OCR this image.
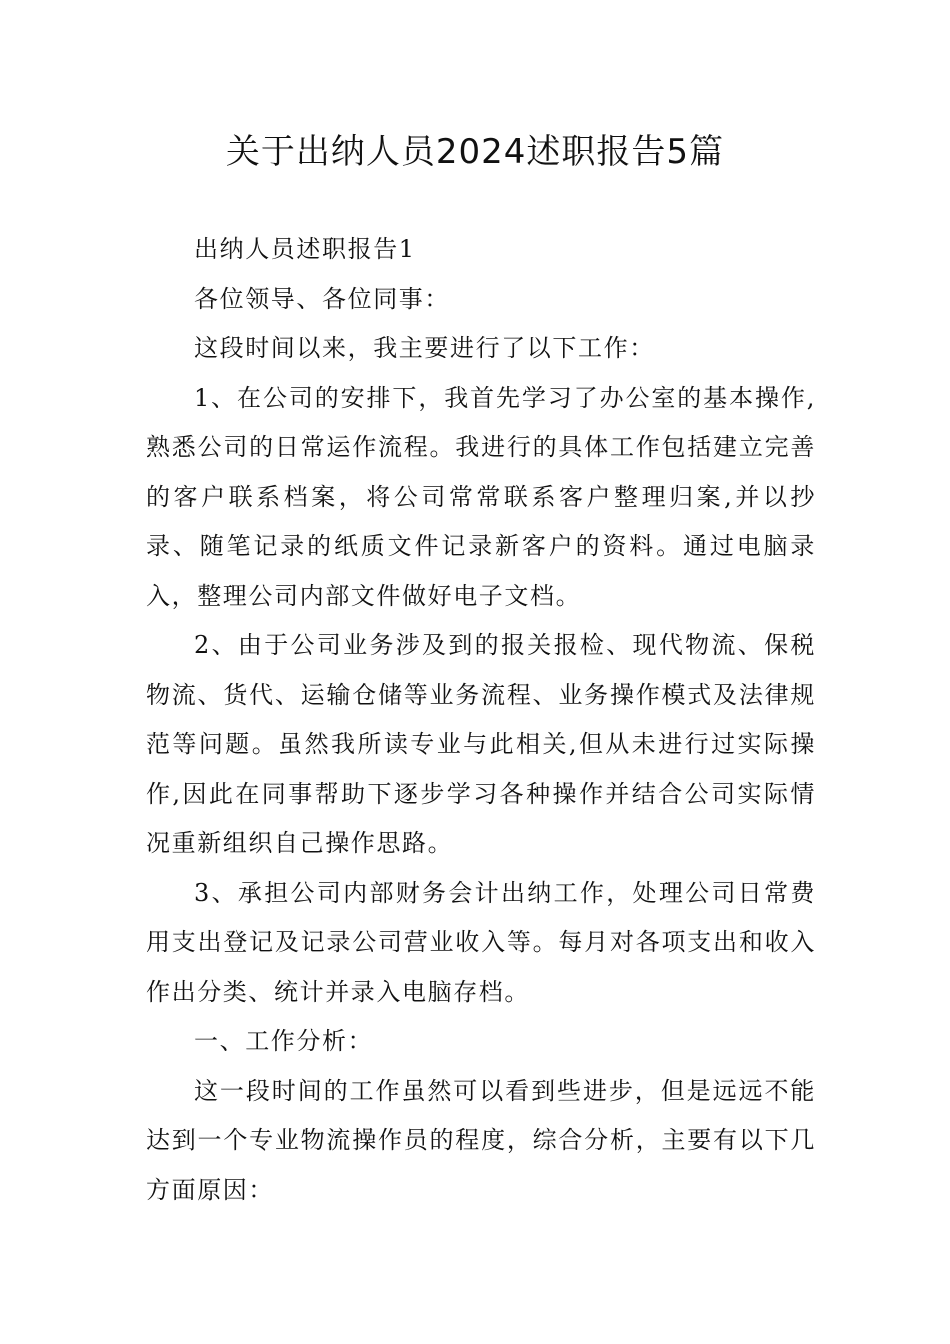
关于出纳人员2024述职报告5篇

出纳人员述职报告1

各位领导、各位同事：

这段时间以来，我主要进行了以下工作：

1、在公司的安排下，我首先学习了办公室的基本操作,熟悉公司的日常运作流程。我进行的具体工作包括建立完善的客户联系档案，将公司常常联系客户整理归案,并以抄录、随笔记录的纸质文件记录新客户的资料。通过电脑录入，整理公司内部文件做好电子文档。

2、由于公司业务涉及到的报关报检、现代物流、保税物流、货代、运输仓储等业务流程、业务操作模式及法律规范等问题。虽然我所读专业与此相关,但从未进行过实际操作,因此在同事帮助下逐步学习各种操作并结合公司实际情况重新组织自己操作思路。

3、承担公司内部财务会计出纳工作，处理公司日常费用支出登记及记录公司营业收入等。每月对各项支出和收入作出分类、统计并录入电脑存档。

一、工作分析：

这一段时间的工作虽然可以看到些进步，但是远远不能达到一个专业物流操作员的程度，综合分析，主要有以下几方面原因：
